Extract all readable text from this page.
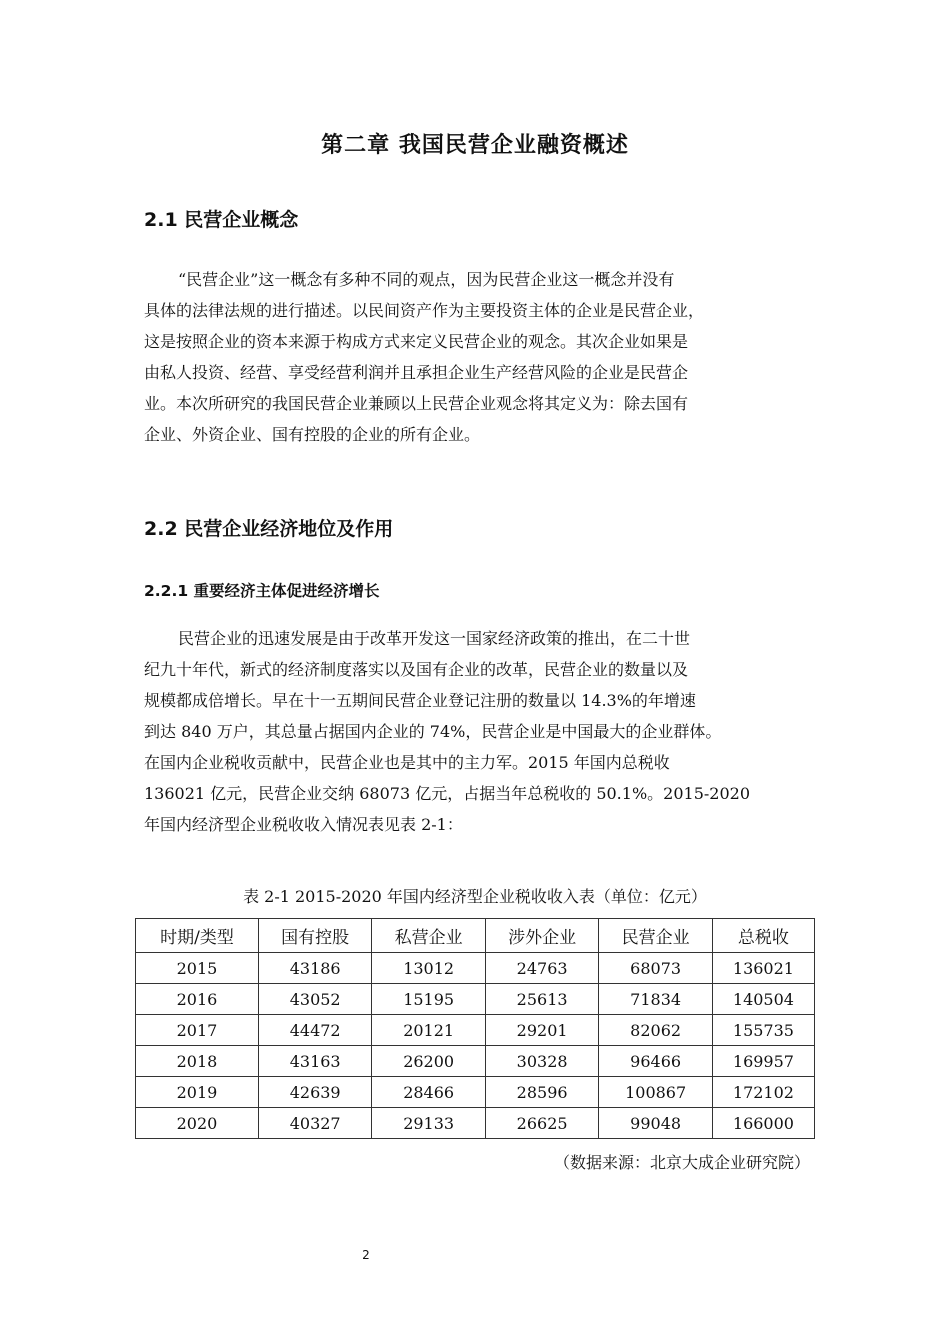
第二章 我国民营企业融资概述
2.1 民营企业概念
“民营企业”这一概念有多种不同的观点，因为民营企业这一概念并没有
具体的法律法规的进行描述。以民间资产作为主要投资主体的企业是民营企业，
这是按照企业的资本来源于构成方式来定义民营企业的观念。其次企业如果是
由私人投资、经营、享受经营利润并且承担企业生产经营风险的企业是民营企
业。本次所研究的我国民营企业兼顾以上民营企业观念将其定义为：除去国有
企业、外资企业、国有控股的企业的所有企业。
2.2 民营企业经济地位及作用
2.2.1 重要经济主体促进经济增长
民营企业的迅速发展是由于改革开发这一国家经济政策的推出，在二十世
纪九十年代，新式的经济制度落实以及国有企业的改革，民营企业的数量以及
规模都成倍增长。早在十一五期间民营企业登记注册的数量以 14.3%的年增速
到达 840 万户，其总量占据国内企业的 74%，民营企业是中国最大的企业群体。
在国内企业税收贡献中，民营企业也是其中的主力军。2015 年国内总税收
136021 亿元，民营企业交纳 68073 亿元，占据当年总税收的 50.1%。2015-2020
年国内经济型企业税收收入情况表见表 2-1：
表 2-1 2015-2020 年国内经济型企业税收收入表（单位：亿元）
时期/类型	国有控股	私营企业	涉外企业	民营企业	总税收
2015	43186	13012	24763	68073	136021
2016	43052	15195	25613	71834	140504
2017	44472	20121	29201	82062	155735
2018	43163	26200	30328	96466	169957
2019	42639	28466	28596	100867	172102
2020	40327	29133	26625	99048	166000
（数据来源：北京大成企业研究院）
2
